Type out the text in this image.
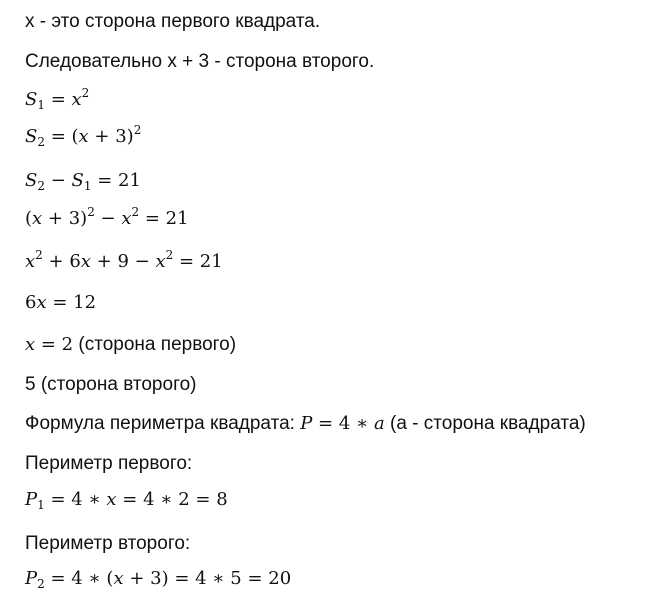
x - это сторона первого квадрата.
Следовательно x + 3 - сторона второго.
$S_1 = x^2$
$S_2 = (x + 3)^2$
$S_2 - S_1 = 21$
$(x + 3)^2 - x^2 = 21$
$x^2 + 6x + 9 - x^2 = 21$
6x = 12
x = 2 (сторона первого)
5 (сторона второго)
Формула периметра квадрата: P = 4 ∗ a (а - сторона квадрата)
Периметр первого:
$P_1 = 4$ ∗ x = 4 ∗ 2 = 8
Периметр второго:
$P_2 = 4$ ∗ (x + 3) = 4 ∗ 5 = 20
